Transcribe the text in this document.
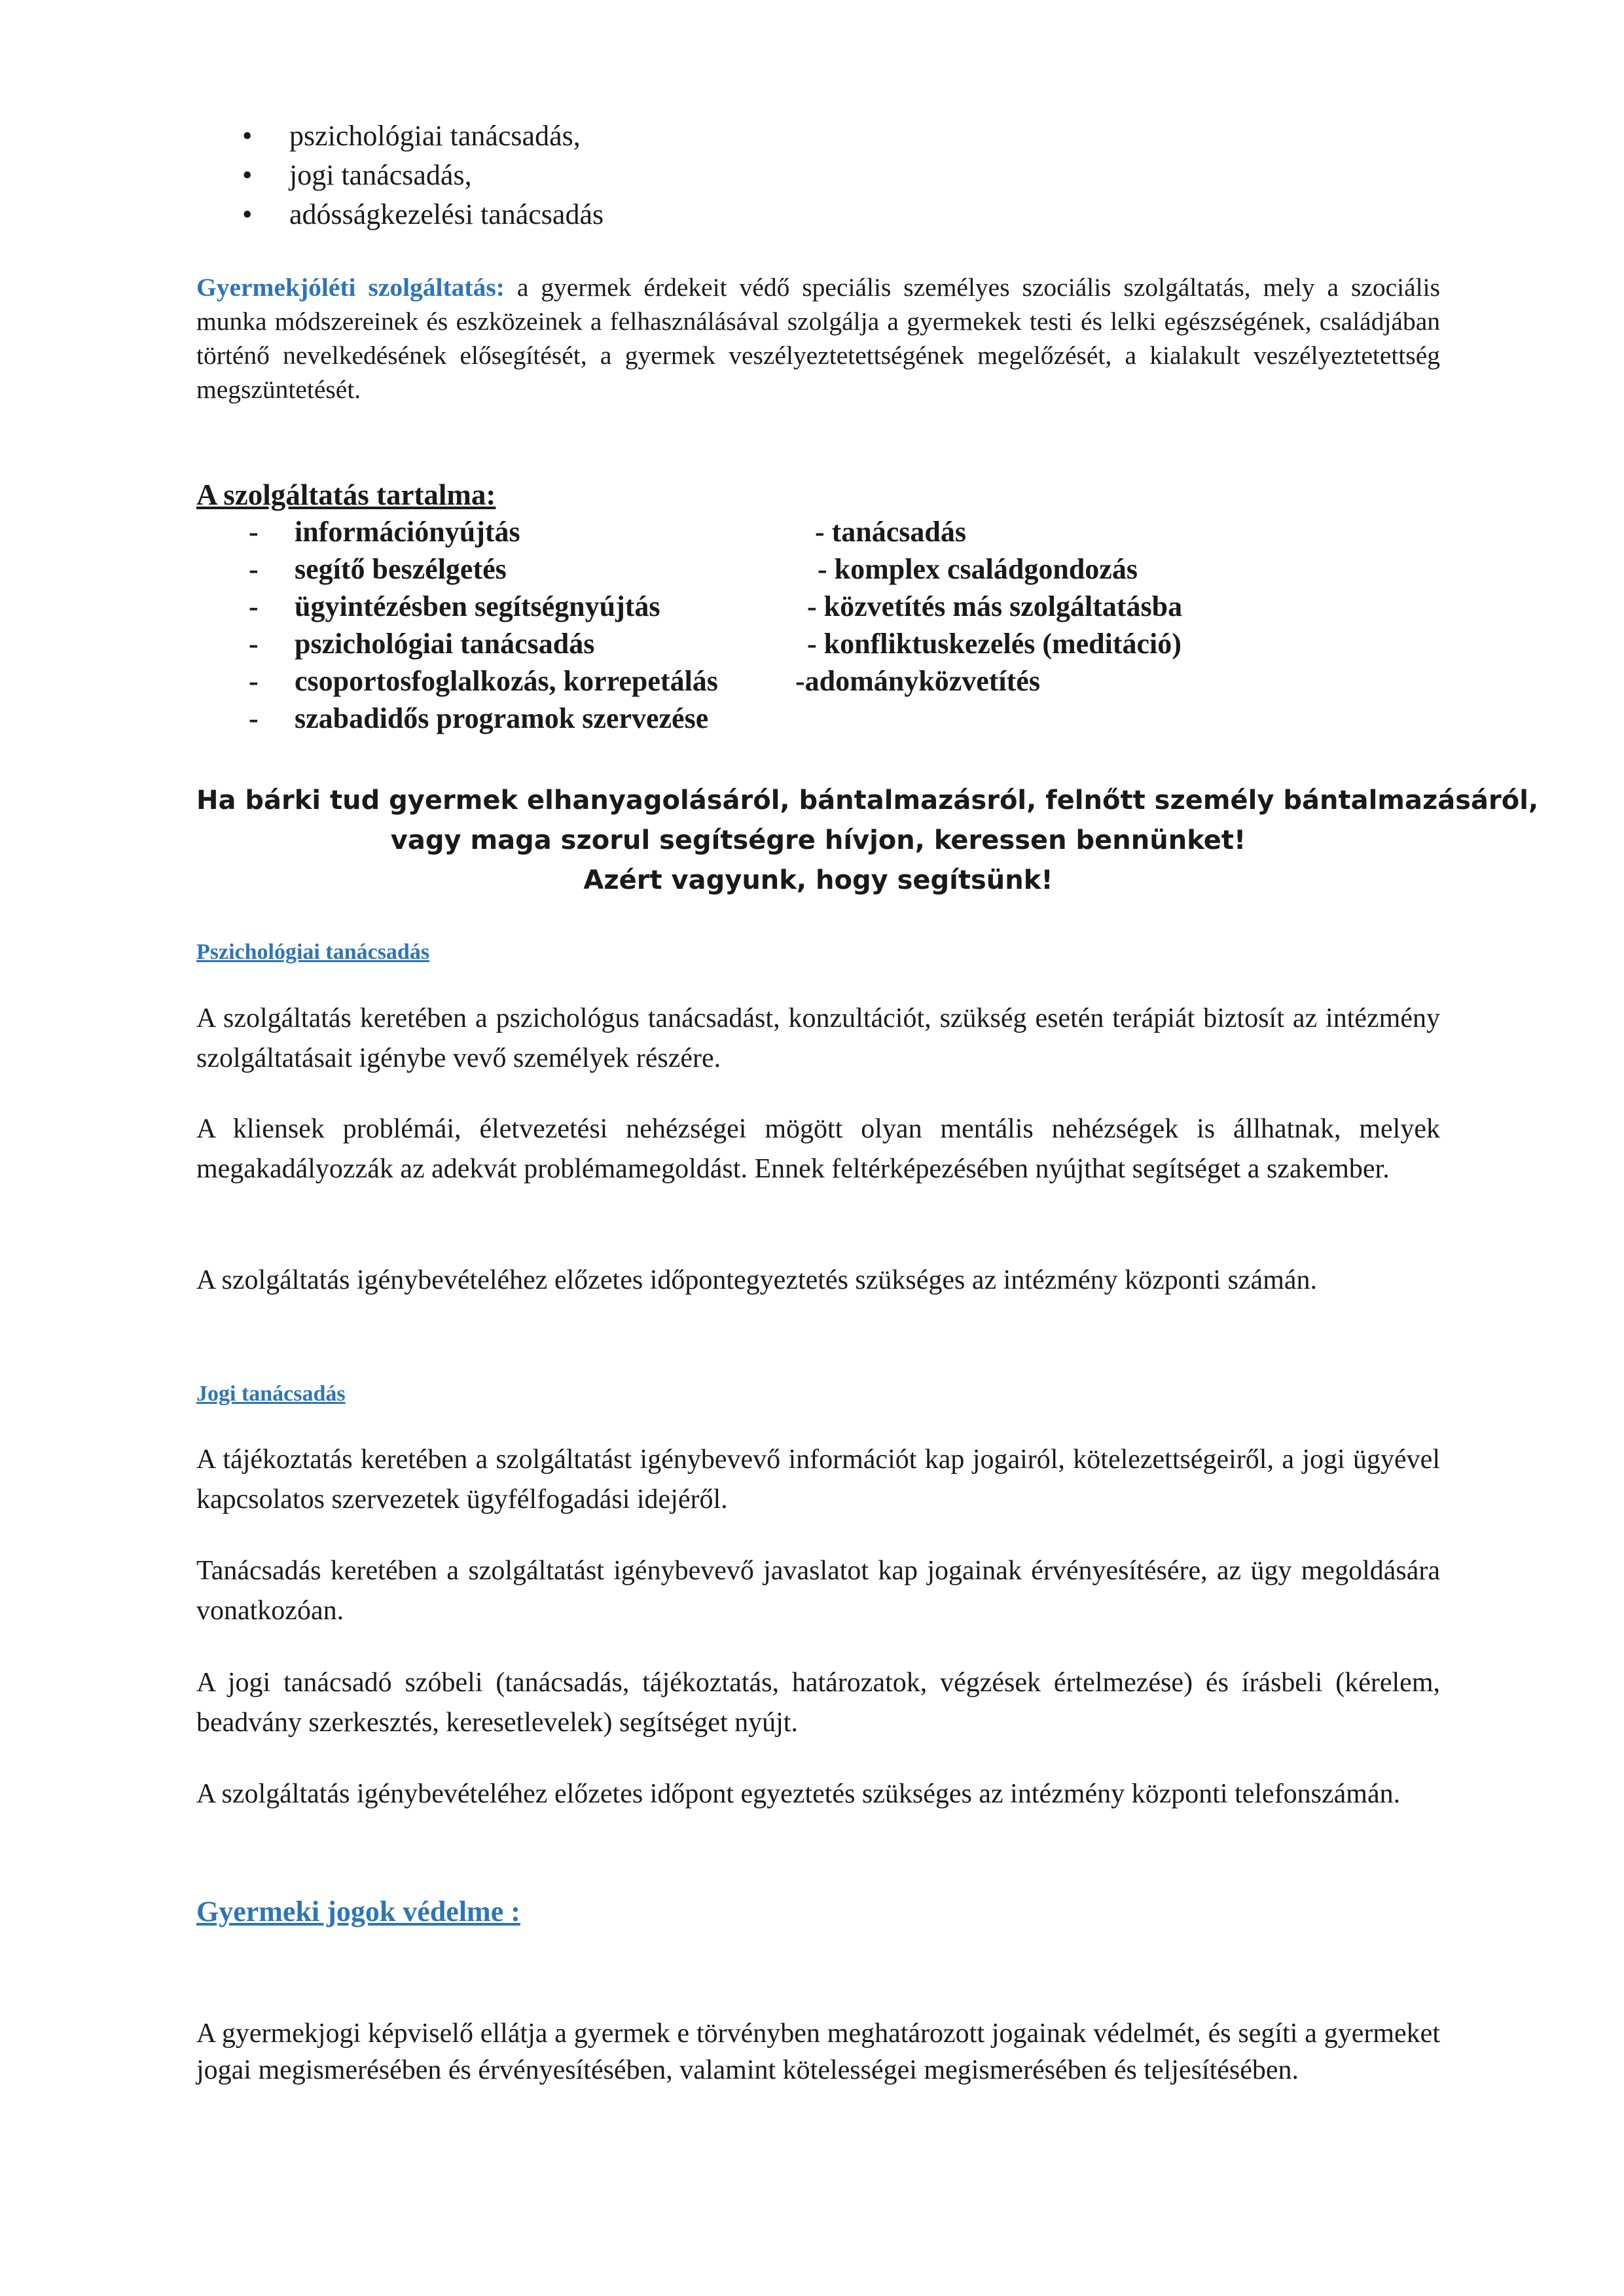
• pszichológiai tanácsadás,
• jogi tanácsadás,
• adósságkezelési tanácsadás

Gyermekjóléti szolgáltatás: a gyermek érdekeit védő speciális személyes szociális szolgáltatás, mely a szociális munka módszereinek és eszközeinek a felhasználásával szolgálja a gyermekek testi és lelki egészségének, családjában történő nevelkedésének elősegítését, a gyermek veszélyeztetettségének megelőzését, a kialakult veszélyeztetettség megszüntetését.

A szolgáltatás tartalma:
- információnyújtás
- segítő beszélgetés
- ügyintézésben segítségnyújtás
- pszichológiai tanácsadás
- csoportosfoglalkozás, korrepetálás
- szabadidős programok szervezése
- tanácsadás
- komplex családgondozás
- közvetítés más szolgáltatásba
- konfliktuskezelés (meditáció)
-adományközvetítés
Ha bárki tud gyermek elhanyagolásáról, bántalmazásról, felnőtt személy bántalmazásáról,
vagy maga szorul segítségre hívjon, keressen bennünket!
Azért vagyunk, hogy segítsünk!
Pszichológiai tanácsadás

A szolgáltatás keretében a pszichológus tanácsadást, konzultációt, szükség esetén terápiát biztosít az intézmény szolgáltatásait igénybe vevő személyek részére.

A kliensek problémái, életvezetési nehézségei mögött olyan mentális nehézségek is állhatnak, melyek megakadályozzák az adekvát problémamegoldást. Ennek feltérképezésében nyújthat segítséget a szakember.

A szolgáltatás igénybevételéhez előzetes időpontegyeztetés szükséges az intézmény központi számán.

Jogi tanácsadás

A tájékoztatás keretében a szolgáltatást igénybevevő információt kap jogairól, kötelezettségeiről, a jogi ügyével kapcsolatos szervezetek ügyfélfogadási idejéről.

Tanácsadás keretében a szolgáltatást igénybevevő javaslatot kap jogainak érvényesítésére, az ügy megoldására vonatkozóan.

A jogi tanácsadó szóbeli (tanácsadás, tájékoztatás, határozatok, végzések értelmezése) és írásbeli (kérelem, beadvány szerkesztés, keresetlevelek) segítséget nyújt.

A szolgáltatás igénybevételéhez előzetes időpont egyeztetés szükséges az intézmény központi telefonszámán.

Gyermeki jogok védelme :

A gyermekjogi képviselő ellátja a gyermek e törvényben meghatározott jogainak védelmét, és segíti a gyermeket jogai megismerésében és érvényesítésében, valamint kötelességei megismerésében és teljesítésében.
